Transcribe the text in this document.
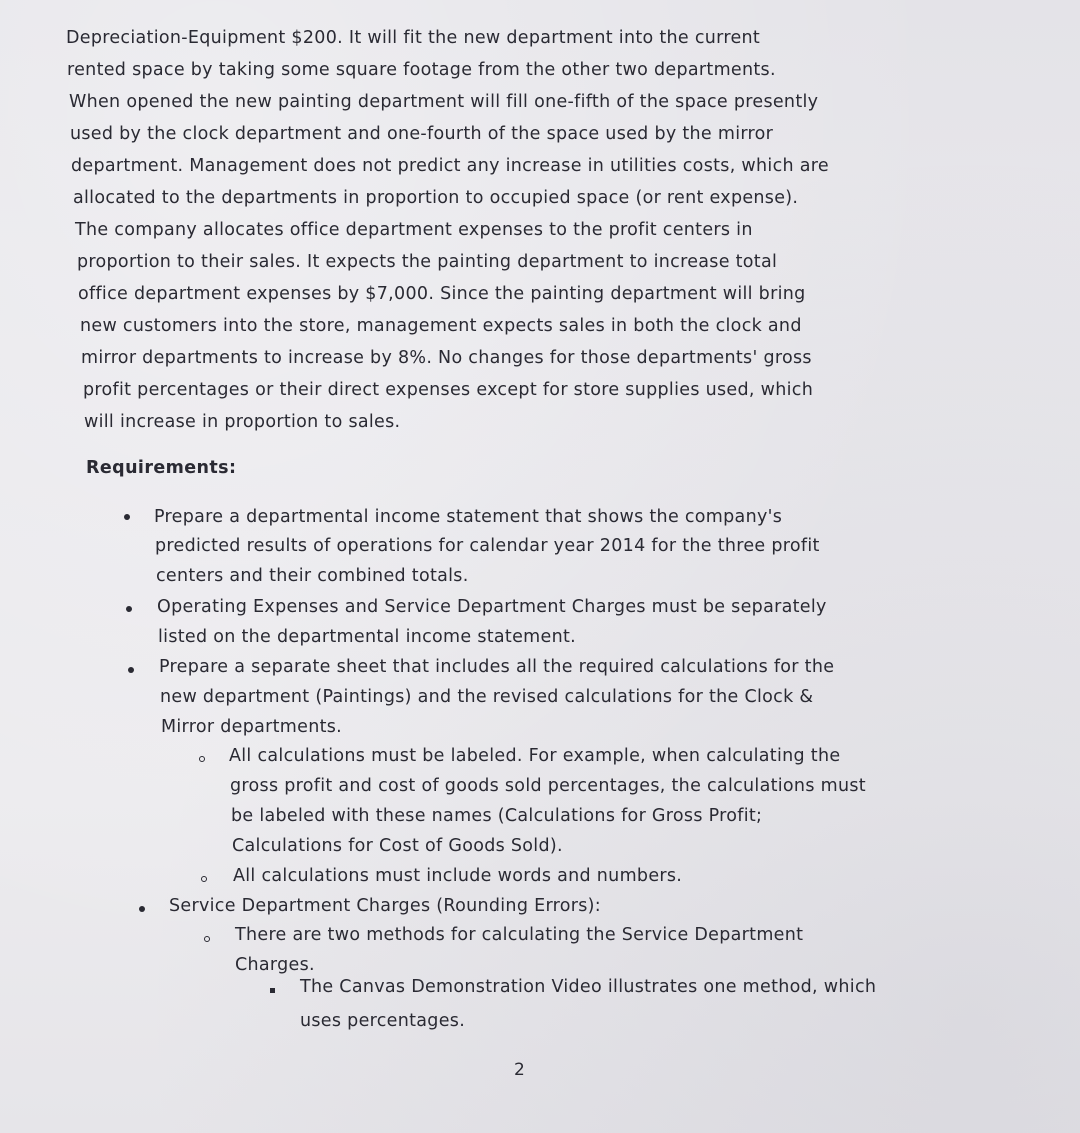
Depreciation-Equipment $200. It will fit the new department into the current
rented space by taking some square footage from the other two departments.
When opened the new painting department will fill one-fifth of the space presently
used by the clock department and one-fourth of the space used by the mirror
department. Management does not predict any increase in utilities costs, which are
allocated to the departments in proportion to occupied space (or rent expense).
The company allocates office department expenses to the profit centers in
proportion to their sales. It expects the painting department to increase total
office department expenses by $7,000. Since the painting department will bring
new customers into the store, management expects sales in both the clock and
mirror departments to increase by 8%. No changes for those departments' gross
profit percentages or their direct expenses except for store supplies used, which
will increase in proportion to sales.
Requirements:
Prepare a departmental income statement that shows the company's
predicted results of operations for calendar year 2014 for the three profit
centers and their combined totals.
Operating Expenses and Service Department Charges must be separately
listed on the departmental income statement.
Prepare a separate sheet that includes all the required calculations for the
new department (Paintings) and the revised calculations for the Clock &
Mirror departments.
All calculations must be labeled. For example, when calculating the
gross profit and cost of goods sold percentages, the calculations must
be labeled with these names (Calculations for Gross Profit;
Calculations for Cost of Goods Sold).
All calculations must include words and numbers.
Service Department Charges (Rounding Errors):
There are two methods for calculating the Service Department
Charges.
The Canvas Demonstration Video illustrates one method, which
uses percentages.
2
